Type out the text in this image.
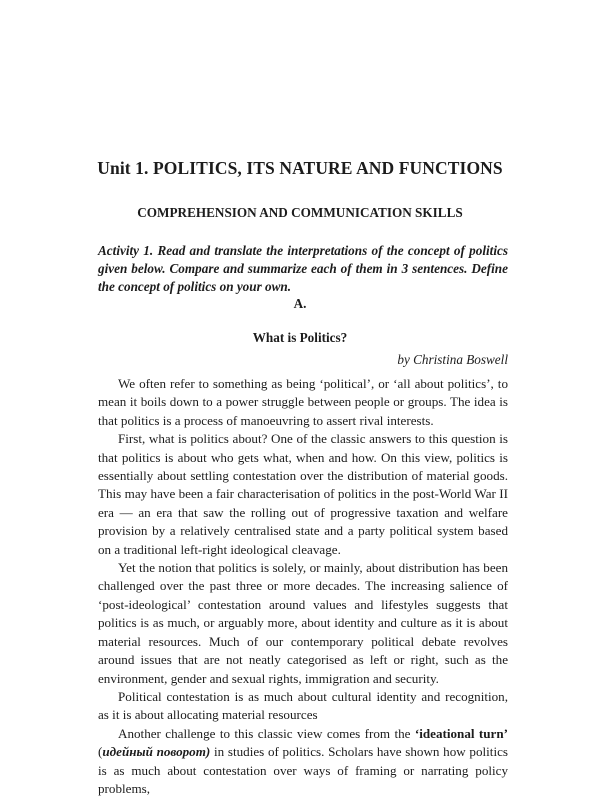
Unit 1. POLITICS, ITS NATURE AND FUNCTIONS
COMPREHENSION AND COMMUNICATION SKILLS

Activity 1. Read and translate the interpretations of the concept of politics given below. Compare and summarize each of them in 3 sentences. Define the concept of politics on your own.

A.
What is Politics?
by Christina Boswell

We often refer to something as being ‘political’, or ‘all about politics’, to mean it boils down to a power struggle between people or groups. The idea is that politics is a process of manoeuvring to assert rival interests.

First, what is politics about? One of the classic answers to this question is that politics is about who gets what, when and how. On this view, politics is essentially about settling contestation over the distribution of material goods. This may have been a fair characterisation of politics in the post-World War II era — an era that saw the rolling out of progressive taxation and welfare provision by a relatively centralised state and a party political system based on a traditional left-right ideological cleavage.

Yet the notion that politics is solely, or mainly, about distribution has been challenged over the past three or more decades. The increasing salience of ‘post-ideological’ contestation around values and lifestyles suggests that politics is as much, or arguably more, about identity and culture as it is about material resources. Much of our contemporary political debate revolves around issues that are not neatly categorised as left or right, such as the environment, gender and sexual rights, immigration and security.

Political contestation is as much about cultural identity and recognition, as it is about allocating material resources

Another challenge to this classic view comes from the ‘ideational turn’ (идейный поворот) in studies of politics. Scholars have shown how politics is as much about contestation over ways of framing or narrating policy problems,
